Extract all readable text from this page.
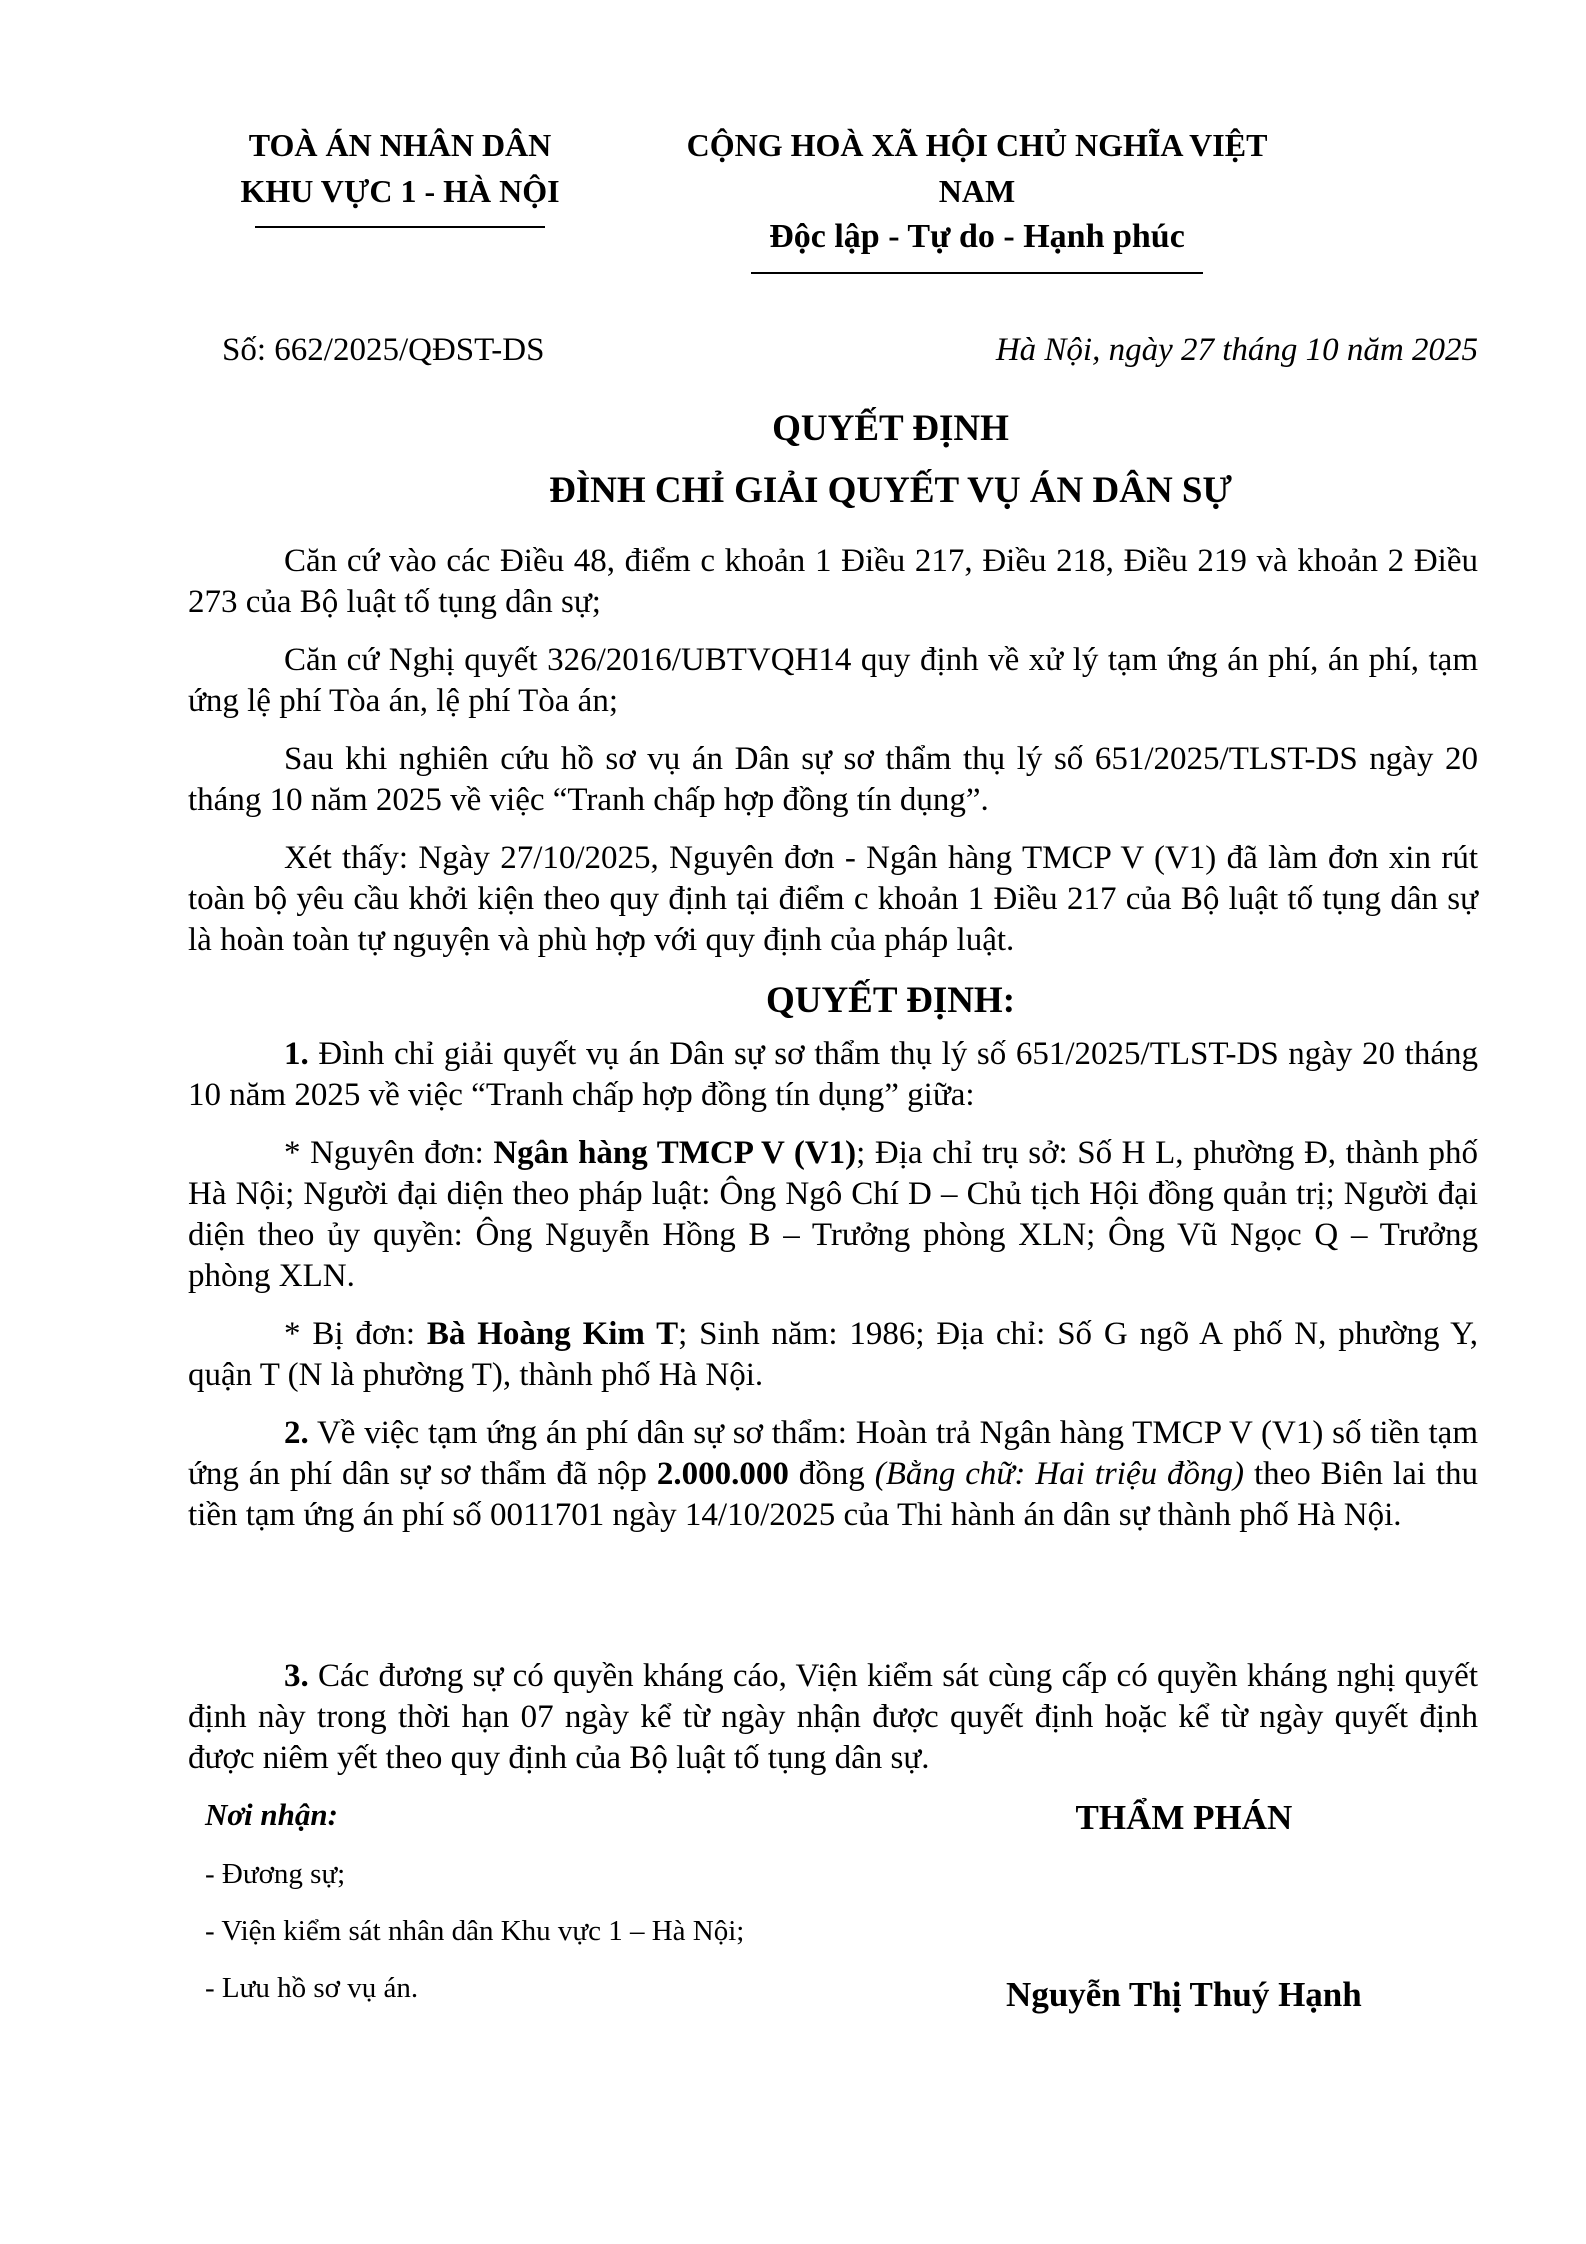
TOÀ ÁN NHÂN DÂN
KHU VỰC 1 - HÀ NỘI
CỘNG HOÀ XÃ HỘI CHỦ NGHĨA VIỆT NAM
Độc lập - Tự do - Hạnh phúc
Số: 662/2025/QĐST-DS	Hà Nội, ngày 27 tháng 10 năm 2025
QUYẾT ĐỊNH
ĐÌNH CHỈ GIẢI QUYẾT VỤ ÁN DÂN SỰ

Căn cứ vào các Điều 48, điểm c khoản 1 Điều 217, Điều 218, Điều 219 và khoản 2 Điều 273 của Bộ luật tố tụng dân sự;

Căn cứ Nghị quyết 326/2016/UBTVQH14 quy định về xử lý tạm ứng án phí, án phí, tạm ứng lệ phí Tòa án, lệ phí Tòa án;

Sau khi nghiên cứu hồ sơ vụ án Dân sự sơ thẩm thụ lý số 651/2025/TLST-DS ngày 20 tháng 10 năm 2025 về việc “Tranh chấp hợp đồng tín dụng”.

Xét thấy: Ngày 27/10/2025, Nguyên đơn - Ngân hàng TMCP V (V1) đã làm đơn xin rút toàn bộ yêu cầu khởi kiện theo quy định tại điểm c khoản 1 Điều 217 của Bộ luật tố tụng dân sự là hoàn toàn tự nguyện và phù hợp với quy định của pháp luật.

QUYẾT ĐỊNH:

1. Đình chỉ giải quyết vụ án Dân sự sơ thẩm thụ lý số 651/2025/TLST-DS ngày 20 tháng 10 năm 2025 về việc “Tranh chấp hợp đồng tín dụng” giữa:

* Nguyên đơn: Ngân hàng TMCP V (V1); Địa chỉ trụ sở: Số H L, phường Đ, thành phố Hà Nội; Người đại diện theo pháp luật: Ông Ngô Chí D – Chủ tịch Hội đồng quản trị; Người đại diện theo ủy quyền: Ông Nguyễn Hồng B – Trưởng phòng XLN; Ông Vũ Ngọc Q – Trưởng phòng XLN.

* Bị đơn: Bà Hoàng Kim T; Sinh năm: 1986; Địa chỉ: Số G ngõ A phố N, phường Y, quận T (N là phường T), thành phố Hà Nội.

2. Về việc tạm ứng án phí dân sự sơ thẩm: Hoàn trả Ngân hàng TMCP V (V1) số tiền tạm ứng án phí dân sự sơ thẩm đã nộp 2.000.000 đồng (Bằng chữ: Hai triệu đồng) theo Biên lai thu tiền tạm ứng án phí số 0011701 ngày 14/10/2025 của Thi hành án dân sự thành phố Hà Nội.

3. Các đương sự có quyền kháng cáo, Viện kiểm sát cùng cấp có quyền kháng nghị quyết định này trong thời hạn 07 ngày kể từ ngày nhận được quyết định hoặc kể từ ngày quyết định được niêm yết theo quy định của Bộ luật tố tụng dân sự.

Nơi nhận:
- Đương sự;
- Viện kiểm sát nhân dân Khu vực 1 – Hà Nội;
- Lưu hồ sơ vụ án.
THẨM PHÁN
Nguyễn Thị Thuý Hạnh
